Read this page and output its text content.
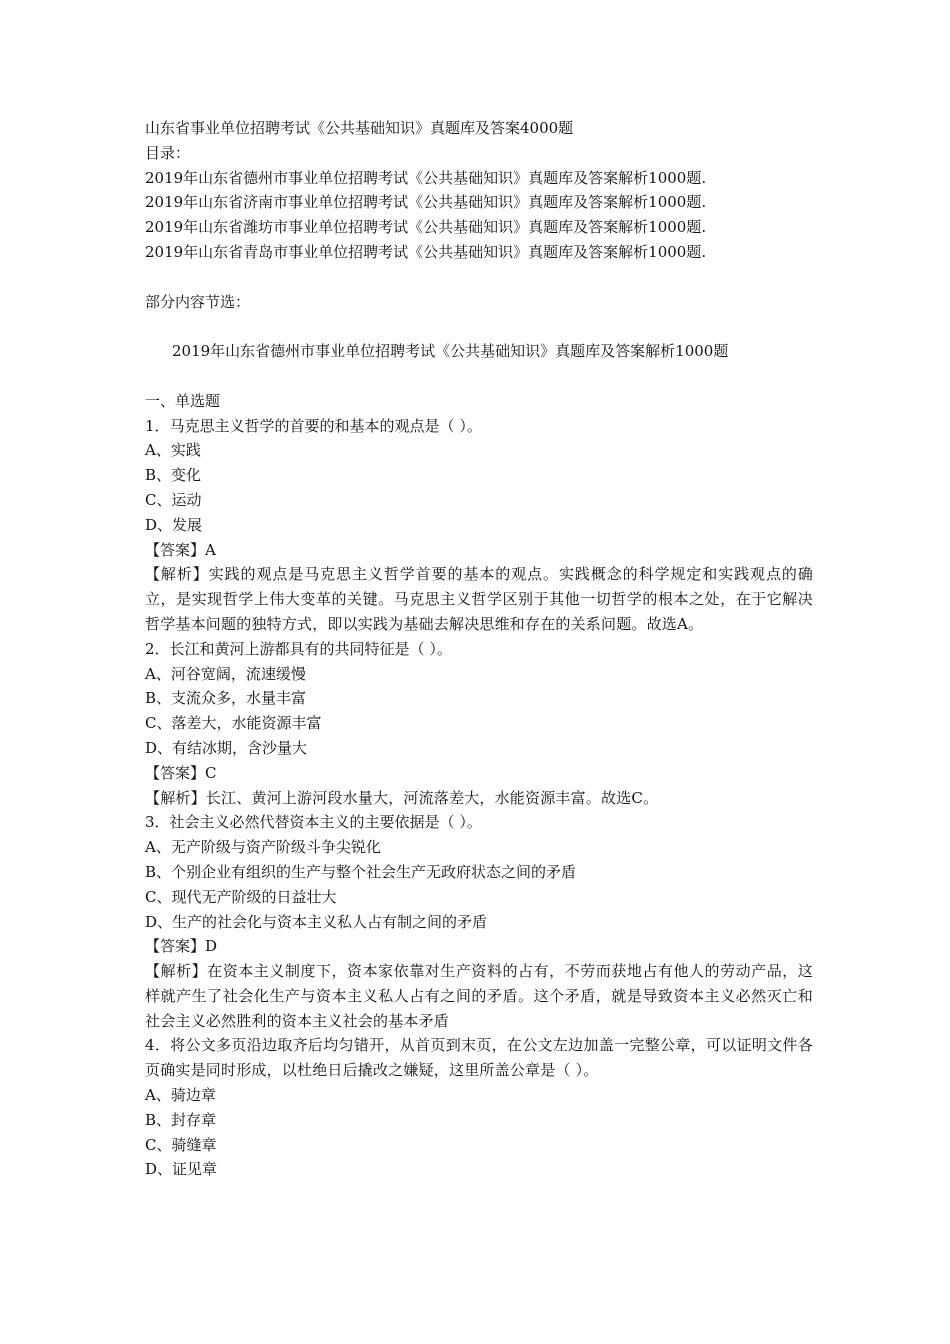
山东省事业单位招聘考试《公共基础知识》真题库及答案4000题
目录：
2019年山东省德州市事业单位招聘考试《公共基础知识》真题库及答案解析1000题.
2019年山东省济南市事业单位招聘考试《公共基础知识》真题库及答案解析1000题.
2019年山东省潍坊市事业单位招聘考试《公共基础知识》真题库及答案解析1000题.
2019年山东省青岛市事业单位招聘考试《公共基础知识》真题库及答案解析1000题.
部分内容节选：
2019年山东省德州市事业单位招聘考试《公共基础知识》真题库及答案解析1000题
一、单选题
1．马克思主义哲学的首要的和基本的观点是（ ）。
A、实践
B、变化
C、运动
D、发展
【答案】A
【解析】实践的观点是马克思主义哲学首要的基本的观点。实践概念的科学规定和实践观点的确立，是实现哲学上伟大变革的关键。马克思主义哲学区别于其他一切哲学的根本之处，在于它解决哲学基本问题的独特方式，即以实践为基础去解决思维和存在的关系问题。故选A。
2．长江和黄河上游都具有的共同特征是（ ）。
A、河谷宽阔，流速缓慢
B、支流众多，水量丰富
C、落差大，水能资源丰富
D、有结冰期，含沙量大
【答案】C
【解析】长江、黄河上游河段水量大，河流落差大，水能资源丰富。故选C。
3．社会主义必然代替资本主义的主要依据是（ ）。
A、无产阶级与资产阶级斗争尖锐化
B、个别企业有组织的生产与整个社会生产无政府状态之间的矛盾
C、现代无产阶级的日益壮大
D、生产的社会化与资本主义私人占有制之间的矛盾
【答案】D
【解析】在资本主义制度下，资本家依靠对生产资料的占有，不劳而获地占有他人的劳动产品，这样就产生了社会化生产与资本主义私人占有之间的矛盾。这个矛盾，就是导致资本主义必然灭亡和社会主义必然胜利的资本主义社会的基本矛盾
4．将公文多页沿边取齐后均匀错开，从首页到末页，在公文左边加盖一完整公章，可以证明文件各页确实是同时形成，以杜绝日后撬改之嫌疑，这里所盖公章是（ ）。
A、骑边章
B、封存章
C、骑缝章
D、证见章
